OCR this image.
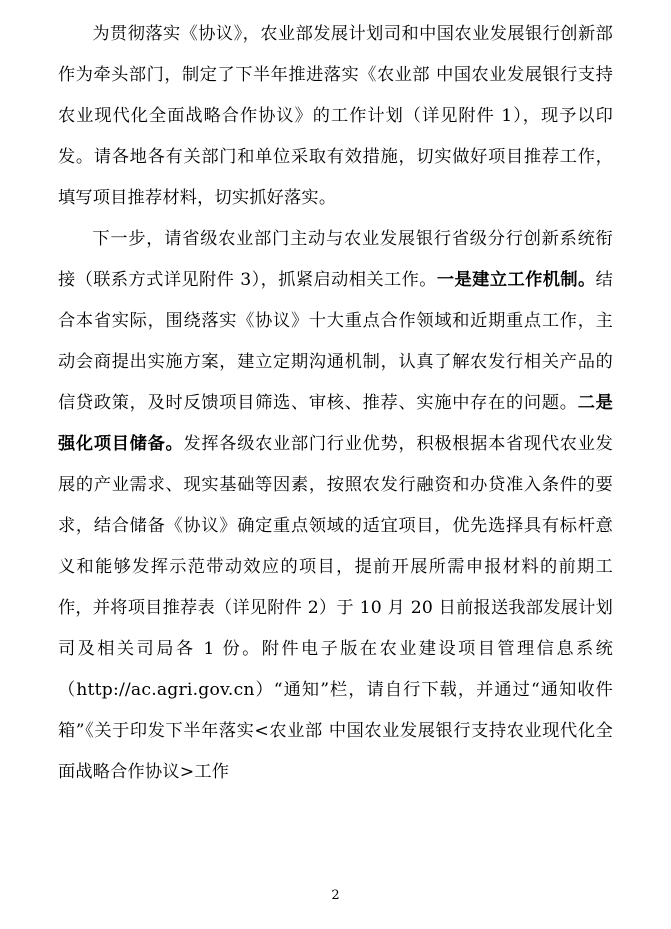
为贯彻落实《协议》，农业部发展计划司和中国农业发展银行创新部作为牵头部门，制定了下半年推进落实《农业部 中国农业发展银行支持农业现代化全面战略合作协议》的工作计划（详见附件 1），现予以印发。请各地各有关部门和单位采取有效措施，切实做好项目推荐工作，填写项目推荐材料，切实抓好落实。

下一步，请省级农业部门主动与农业发展银行省级分行创新系统衔接（联系方式详见附件 3），抓紧启动相关工作。一是建立工作机制。结合本省实际，围绕落实《协议》十大重点合作领域和近期重点工作，主动会商提出实施方案，建立定期沟通机制，认真了解农发行相关产品的信贷政策，及时反馈项目筛选、审核、推荐、实施中存在的问题。二是强化项目储备。发挥各级农业部门行业优势，积极根据本省现代农业发展的产业需求、现实基础等因素，按照农发行融资和办贷准入条件的要求，结合储备《协议》确定重点领域的适宜项目，优先选择具有标杆意义和能够发挥示范带动效应的项目，提前开展所需申报材料的前期工作，并将项目推荐表（详见附件 2）于 10 月 20 日前报送我部发展计划司及相关司局各 1 份。附件电子版在农业建设项目管理信息系统（http://ac.agri.gov.cn）“通知”栏，请自行下载，并通过“通知收件箱”《关于印发下半年落实<农业部 中国农业发展银行支持农业现代化全面战略合作协议>工作

2
